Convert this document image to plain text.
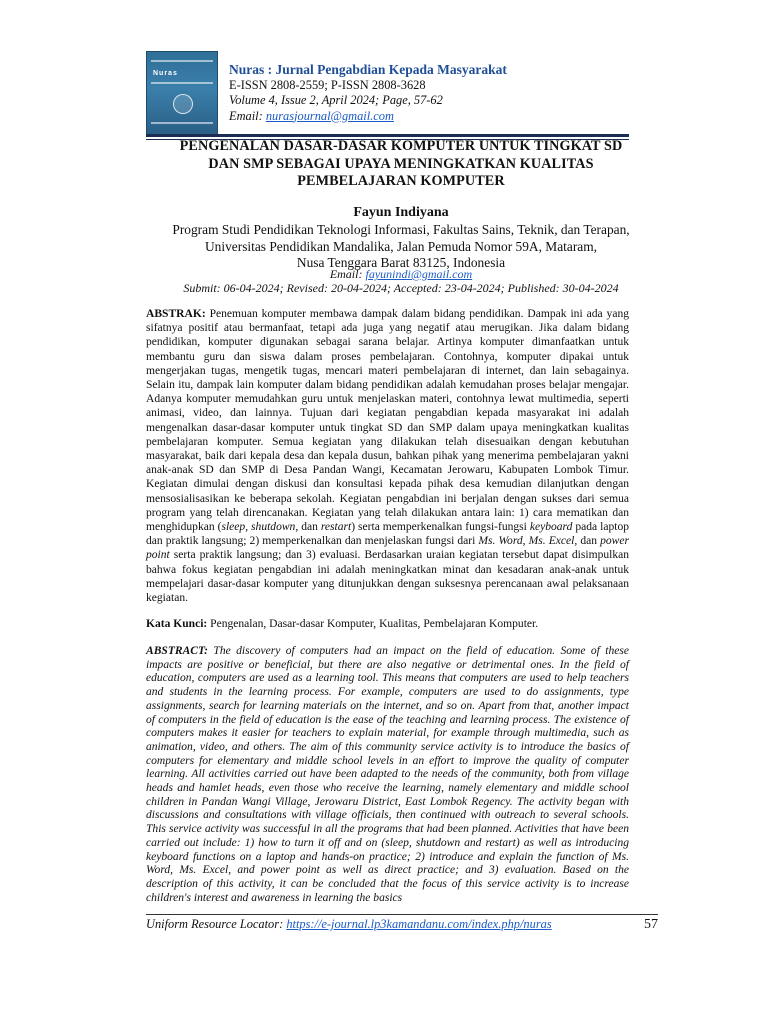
Nuras	Nuras : Jurnal Pengabdian Kepada Masyarakat
E-ISSN 2808-2559; P-ISSN 2808-3628
Volume 4, Issue 2, April 2024; Page, 57-62
Email: nurasjournal@gmail.com
PENGENALAN DASAR-DASAR KOMPUTER UNTUK TINGKAT SD
DAN SMP SEBAGAI UPAYA MENINGKATKAN KUALITAS
PEMBELAJARAN KOMPUTER
Fayun Indiyana
Program Studi Pendidikan Teknologi Informasi, Fakultas Sains, Teknik, dan Terapan,
Universitas Pendidikan Mandalika, Jalan Pemuda Nomor 59A, Mataram,
Nusa Tenggara Barat 83125, Indonesia
Email: fayunindi@gmail.com
Submit: 06-04-2024; Revised: 20-04-2024; Accepted: 23-04-2024; Published: 30-04-2024

ABSTRAK: Penemuan komputer membawa dampak dalam bidang pendidikan. Dampak ini ada yang sifatnya positif atau bermanfaat, tetapi ada juga yang negatif atau merugikan. Jika dalam bidang pendidikan, komputer digunakan sebagai sarana belajar. Artinya komputer dimanfaatkan untuk membantu guru dan siswa dalam proses pembelajaran. Contohnya, komputer dipakai untuk mengerjakan tugas, mengetik tugas, mencari materi pembelajaran di internet, dan lain sebagainya. Selain itu, dampak lain komputer dalam bidang pendidikan adalah kemudahan proses belajar mengajar. Adanya komputer memudahkan guru untuk menjelaskan materi, contohnya lewat multimedia, seperti animasi, video, dan lainnya. Tujuan dari kegiatan pengabdian kepada masyarakat ini adalah mengenalkan dasar-dasar komputer untuk tingkat SD dan SMP dalam upaya meningkatkan kualitas pembelajaran komputer. Semua kegiatan yang dilakukan telah disesuaikan dengan kebutuhan masyarakat, baik dari kepala desa dan kepala dusun, bahkan pihak yang menerima pembelajaran yakni anak-anak SD dan SMP di Desa Pandan Wangi, Kecamatan Jerowaru, Kabupaten Lombok Timur. Kegiatan dimulai dengan diskusi dan konsultasi kepada pihak desa kemudian dilanjutkan dengan mensosialisasikan ke beberapa sekolah. Kegiatan pengabdian ini berjalan dengan sukses dari semua program yang telah direncanakan. Kegiatan yang telah dilakukan antara lain: 1) cara mematikan dan menghidupkan (sleep, shutdown, dan restart) serta memperkenalkan fungsi-fungsi keyboard pada laptop dan praktik langsung; 2) memperkenalkan dan menjelaskan fungsi dari Ms. Word, Ms. Excel, dan power point serta praktik langsung; dan 3) evaluasi. Berdasarkan uraian kegiatan tersebut dapat disimpulkan bahwa fokus kegiatan pengabdian ini adalah meningkatkan minat dan kesadaran anak-anak untuk mempelajari dasar-dasar komputer yang ditunjukkan dengan suksesnya perencanaan awal pelaksanaan kegiatan.

Kata Kunci: Pengenalan, Dasar-dasar Komputer, Kualitas, Pembelajaran Komputer.

ABSTRACT: The discovery of computers had an impact on the field of education. Some of these impacts are positive or beneficial, but there are also negative or detrimental ones. In the field of education, computers are used as a learning tool. This means that computers are used to help teachers and students in the learning process. For example, computers are used to do assignments, type assignments, search for learning materials on the internet, and so on. Apart from that, another impact of computers in the field of education is the ease of the teaching and learning process. The existence of computers makes it easier for teachers to explain material, for example through multimedia, such as animation, video, and others. The aim of this community service activity is to introduce the basics of computers for elementary and middle school levels in an effort to improve the quality of computer learning. All activities carried out have been adapted to the needs of the community, both from village heads and hamlet heads, even those who receive the learning, namely elementary and middle school children in Pandan Wangi Village, Jerowaru District, East Lombok Regency. The activity began with discussions and consultations with village officials, then continued with outreach to several schools. This service activity was successful in all the programs that had been planned. Activities that have been carried out include: 1) how to turn it off and on (sleep, shutdown and restart) as well as introducing keyboard functions on a laptop and hands-on practice; 2) introduce and explain the function of Ms. Word, Ms. Excel, and power point as well as direct practice; and 3) evaluation. Based on the description of this activity, it can be concluded that the focus of this service activity is to increase children's interest and awareness in learning the basics

Uniform Resource Locator: https://e-journal.lp3kamandanu.com/index.php/nuras	57
